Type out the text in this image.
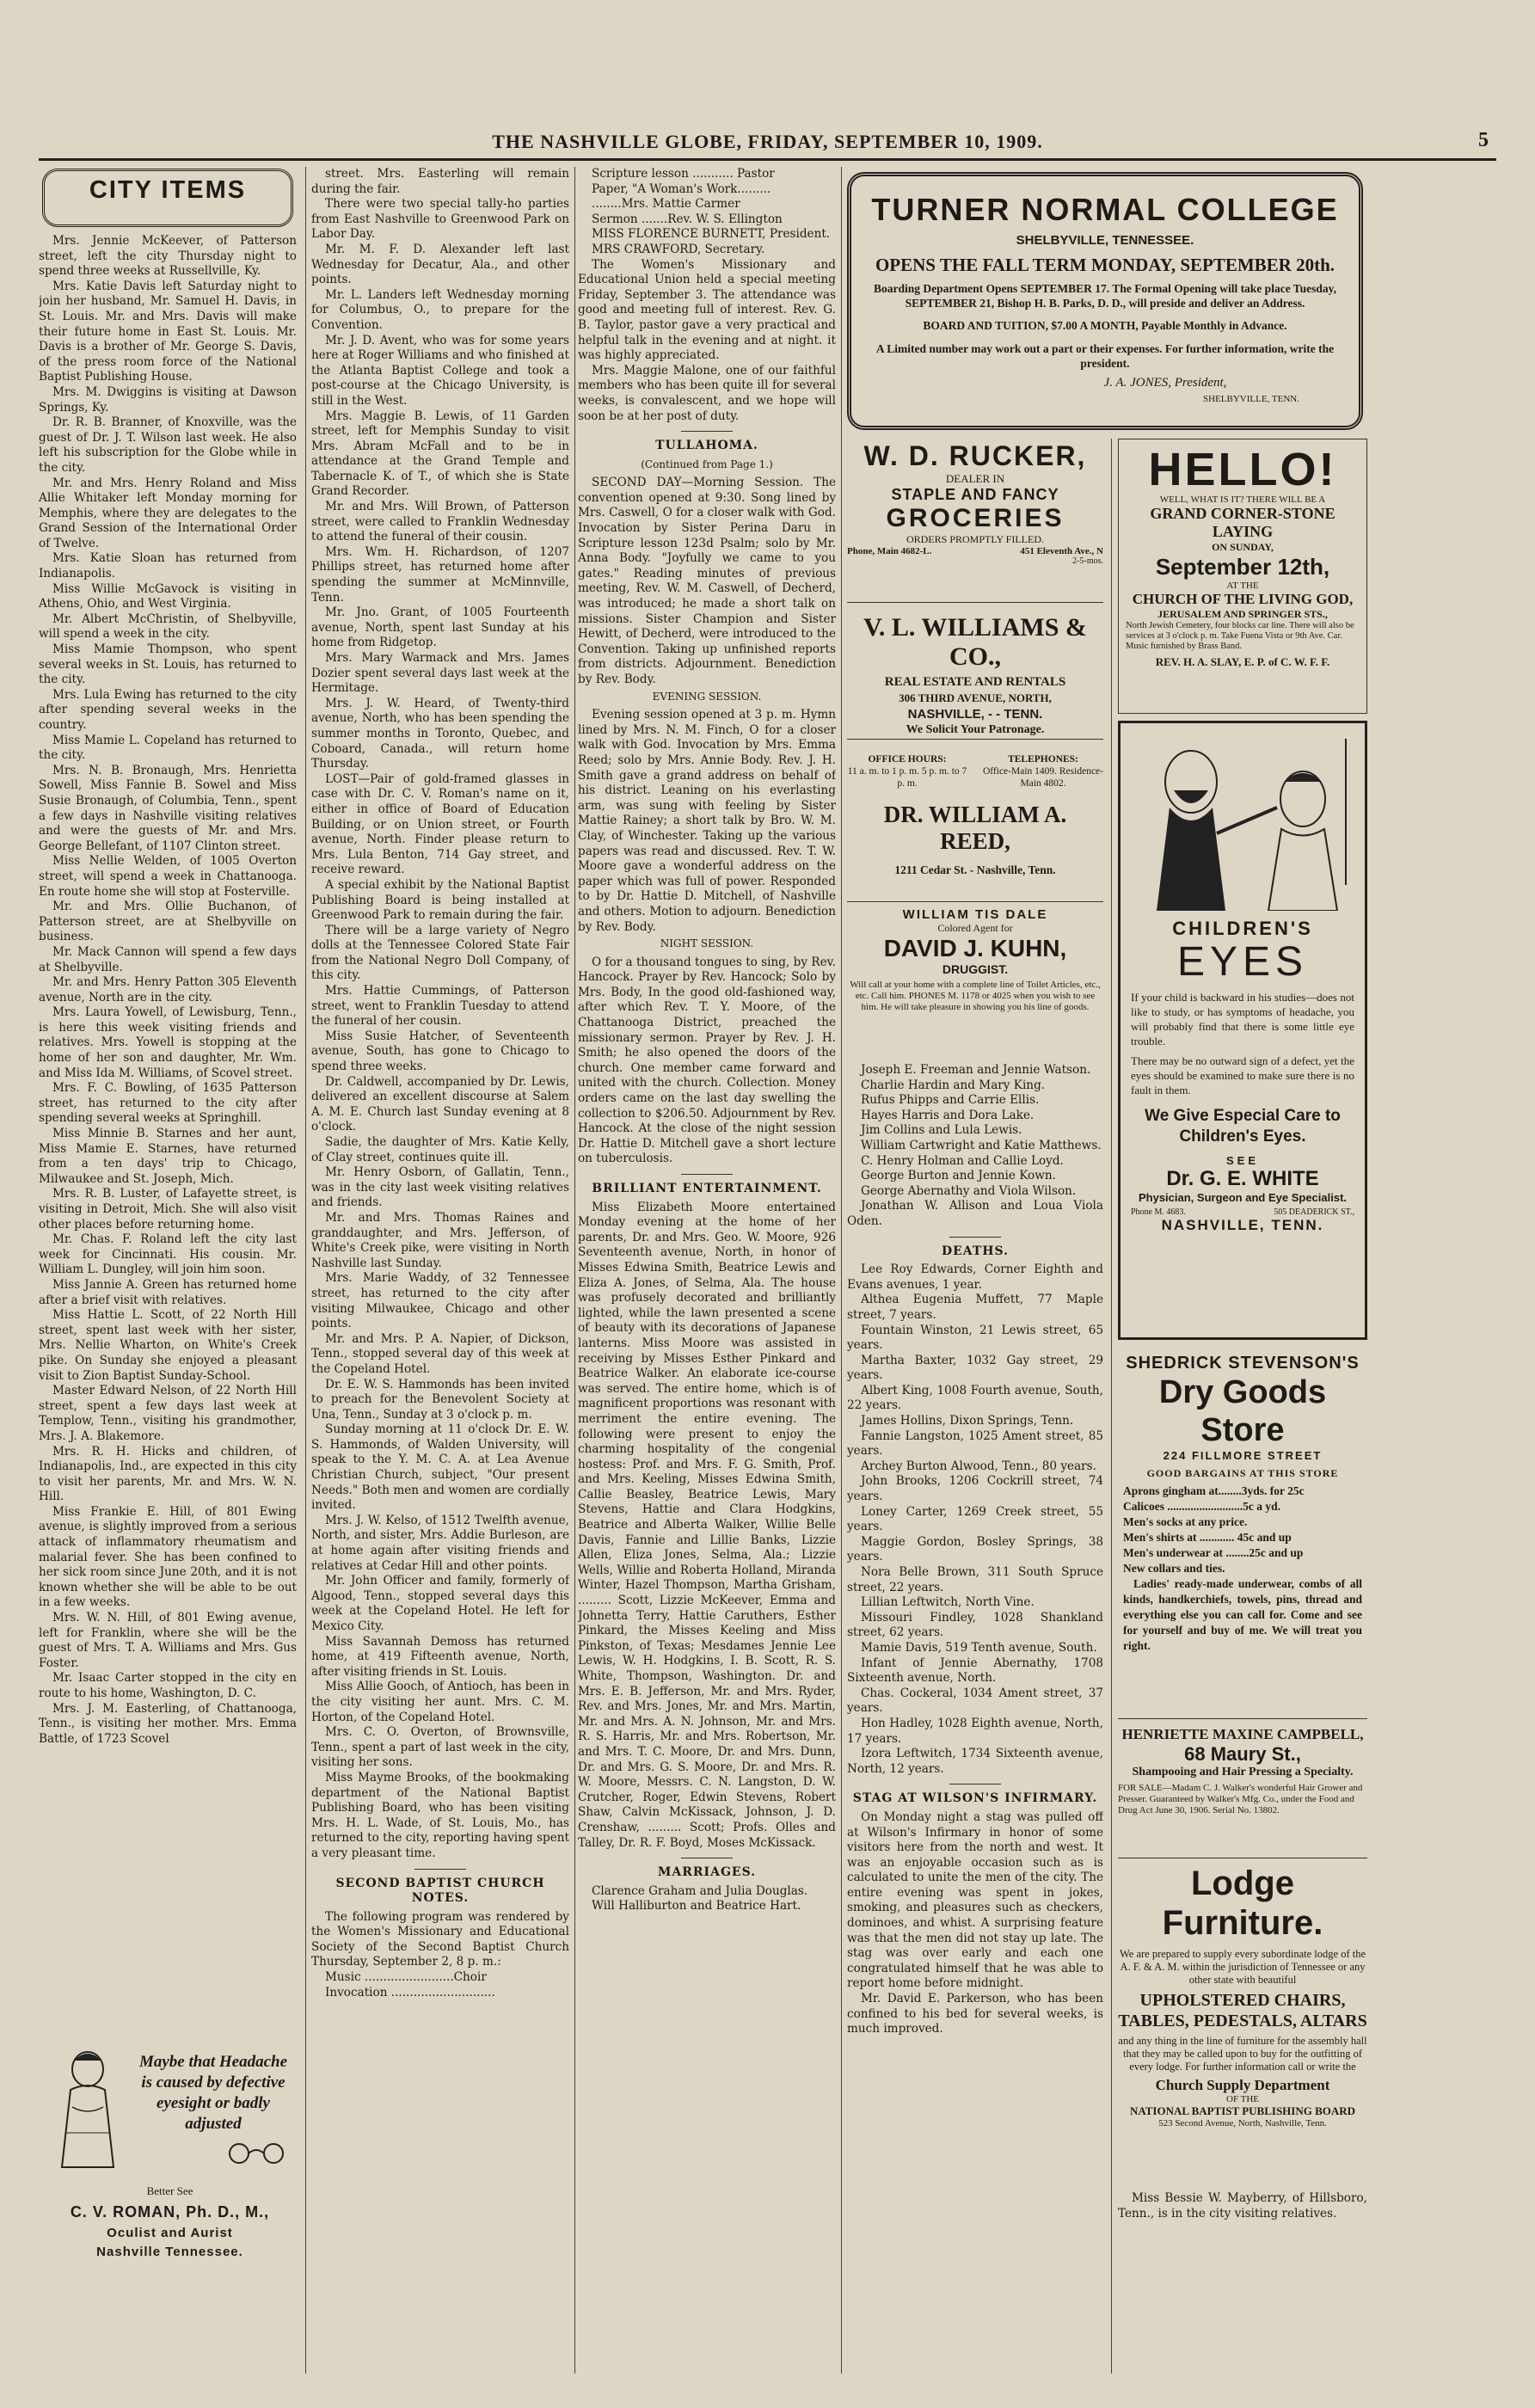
THE NASHVILLE GLOBE, FRIDAY, SEPTEMBER 10, 1909.	5
CITY ITEMS

Mrs. Jennie McKeever, of Patterson street, left the city Thursday night to spend three weeks at Russellville, Ky.

Mrs. Katie Davis left Saturday night to join her husband, Mr. Samuel H. Davis, in St. Louis. Mr. and Mrs. Davis will make their future home in East St. Louis. Mr. Davis is a brother of Mr. George S. Davis, of the press room force of the National Baptist Publishing House.

Mrs. M. Dwiggins is visiting at Dawson Springs, Ky.

Dr. R. B. Branner, of Knoxville, was the guest of Dr. J. T. Wilson last week. He also left his subscription for the Globe while in the city.

Mr. and Mrs. Henry Roland and Miss Allie Whitaker left Monday morning for Memphis, where they are delegates to the Grand Session of the International Order of Twelve.

Mrs. Katie Sloan has returned from Indianapolis.

Miss Willie McGavock is visiting in Athens, Ohio, and West Virginia.

Mr. Albert McChristin, of Shelbyville, will spend a week in the city.

Miss Mamie Thompson, who spent several weeks in St. Louis, has returned to the city.

Mrs. Lula Ewing has returned to the city after spending several weeks in the country.

Miss Mamie L. Copeland has returned to the city.

Mrs. N. B. Bronaugh, Mrs. Henrietta Sowell, Miss Fannie B. Sowel and Miss Susie Bronaugh, of Columbia, Tenn., spent a few days in Nashville visiting relatives and were the guests of Mr. and Mrs. George Bellefant, of 1107 Clinton street.

Miss Nellie Welden, of 1005 Overton street, will spend a week in Chattanooga. En route home she will stop at Fosterville.

Mr. and Mrs. Ollie Buchanon, of Patterson street, are at Shelbyville on business.

Mr. Mack Cannon will spend a few days at Shelbyville.

Mr. and Mrs. Henry Patton 305 Eleventh avenue, North are in the city.

Mrs. Laura Yowell, of Lewisburg, Tenn., is here this week visiting friends and relatives. Mrs. Yowell is stopping at the home of her son and daughter, Mr. Wm. and Miss Ida M. Williams, of Scovel street.

Mrs. F. C. Bowling, of 1635 Patterson street, has returned to the city after spending several weeks at Springhill.

Miss Minnie B. Starnes and her aunt, Miss Mamie E. Starnes, have returned from a ten days' trip to Chicago, Milwaukee and St. Joseph, Mich.

Mrs. R. B. Luster, of Lafayette street, is visiting in Detroit, Mich. She will also visit other places before returning home.

Mr. Chas. F. Roland left the city last week for Cincinnati. His cousin. Mr. William L. Dungley, will join him soon.

Miss Jannie A. Green has returned home after a brief visit with relatives.

Miss Hattie L. Scott, of 22 North Hill street, spent last week with her sister, Mrs. Nellie Wharton, on White's Creek pike. On Sunday she enjoyed a pleasant visit to Zion Baptist Sunday-School.

Master Edward Nelson, of 22 North Hill street, spent a few days last week at Templow, Tenn., visiting his grandmother, Mrs. J. A. Blakemore.

Mrs. R. H. Hicks and children, of Indianapolis, Ind., are expected in this city to visit her parents, Mr. and Mrs. W. N. Hill.

Miss Frankie E. Hill, of 801 Ewing avenue, is slightly improved from a serious attack of inflammatory rheumatism and malarial fever. She has been confined to her sick room since June 20th, and it is not known whether she will be able to be out in a few weeks.

Mrs. W. N. Hill, of 801 Ewing avenue, left for Franklin, where she will be the guest of Mrs. T. A. Williams and Mrs. Gus Foster.

Mr. Isaac Carter stopped in the city en route to his home, Washington, D. C.

Mrs. J. M. Easterling, of Chattanooga, Tenn., is visiting her mother. Mrs. Emma Battle, of 1723 Scovel

Maybe that Headache

is caused by defective

eyesight or badly

adjusted

Better See
C. V. ROMAN, Ph. D., M.,
Oculist and Aurist
Nashville Tennessee.

street. Mrs. Easterling will remain during the fair.

There were two special tally-ho parties from East Nashville to Greenwood Park on Labor Day.

Mr. M. F. D. Alexander left last Wednesday for Decatur, Ala., and other points.

Mr. L. Landers left Wednesday morning for Columbus, O., to prepare for the Convention.

Mr. J. D. Avent, who was for some years here at Roger Williams and who finished at the Atlanta Baptist College and took a post-course at the Chicago University, is still in the West.

Mrs. Maggie B. Lewis, of 11 Garden street, left for Memphis Sunday to visit Mrs. Abram McFall and to be in attendance at the Grand Temple and Tabernacle K. of T., of which she is State Grand Recorder.

Mr. and Mrs. Will Brown, of Patterson street, were called to Franklin Wednesday to attend the funeral of their cousin.

Mrs. Wm. H. Richardson, of 1207 Phillips street, has returned home after spending the summer at McMinnville, Tenn.

Mr. Jno. Grant, of 1005 Fourteenth avenue, North, spent last Sunday at his home from Ridgetop.

Mrs. Mary Warmack and Mrs. James Dozier spent several days last week at the Hermitage.

Mrs. J. W. Heard, of Twenty-third avenue, North, who has been spending the summer months in Toronto, Quebec, and Coboard, Canada., will return home Thursday.

LOST—Pair of gold-framed glasses in case with Dr. C. V. Roman's name on it, either in office of Board of Education Building, or on Union street, or Fourth avenue, North. Finder please return to Mrs. Lula Benton, 714 Gay street, and receive reward.

A special exhibit by the National Baptist Publishing Board is being installed at Greenwood Park to remain during the fair.

There will be a large variety of Negro dolls at the Tennessee Colored State Fair from the National Negro Doll Company, of this city.

Mrs. Hattie Cummings, of Patterson street, went to Franklin Tuesday to attend the funeral of her cousin.

Miss Susie Hatcher, of Seventeenth avenue, South, has gone to Chicago to spend three weeks.

Dr. Caldwell, accompanied by Dr. Lewis, delivered an excellent discourse at Salem A. M. E. Church last Sunday evening at 8 o'clock.

Sadie, the daughter of Mrs. Katie Kelly, of Clay street, continues quite ill.

Mr. Henry Osborn, of Gallatin, Tenn., was in the city last week visiting relatives and friends.

Mr. and Mrs. Thomas Raines and granddaughter, and Mrs. Jefferson, of White's Creek pike, were visiting in North Nashville last Sunday.

Mrs. Marie Waddy, of 32 Tennessee street, has returned to the city after visiting Milwaukee, Chicago and other points.

Mr. and Mrs. P. A. Napier, of Dickson, Tenn., stopped several day of this week at the Copeland Hotel.

Dr. E. W. S. Hammonds has been invited to preach for the Benevolent Society at Una, Tenn., Sunday at 3 o'clock p. m.

Sunday morning at 11 o'clock Dr. E. W. S. Hammonds, of Walden University, will speak to the Y. M. C. A. at Lea Avenue Christian Church, subject, "Our present Needs." Both men and women are cordially invited.

Mrs. J. W. Kelso, of 1512 Twelfth avenue, North, and sister, Mrs. Addie Burleson, are at home again after visiting friends and relatives at Cedar Hill and other points.

Mr. John Officer and family, formerly of Algood, Tenn., stopped several days this week at the Copeland Hotel. He left for Mexico City.

Miss Savannah Demoss has returned home, at 419 Fifteenth avenue, North, after visiting friends in St. Louis.

Miss Allie Gooch, of Antioch, has been in the city visiting her aunt. Mrs. C. M. Horton, of the Copeland Hotel.

Mrs. C. O. Overton, of Brownsville, Tenn., spent a part of last week in the city, visiting her sons.

Miss Mayme Brooks, of the bookmaking department of the National Baptist Publishing Board, who has been visiting Mrs. H. L. Wade, of St. Louis, Mo., has returned to the city, reporting having spent a very pleasant time.

SECOND BAPTIST CHURCH NOTES.

The following program was rendered by the Women's Missionary and Educational Society of the Second Baptist Church Thursday, September 2, 8 p. m.:

Music ........................Choir

Invocation ............................

Scripture lesson ........... Pastor

Paper, "A Woman's Work.........

........Mrs. Mattie Carmer

Sermon .......Rev. W. S. Ellington

MISS FLORENCE BURNETT, President.

MRS CRAWFORD, Secretary.

The Women's Missionary and Educational Union held a special meeting Friday, September 3. The attendance was good and meeting full of interest. Rev. G. B. Taylor, pastor gave a very practical and helpful talk in the evening and at night. it was highly appreciated.

Mrs. Maggie Malone, one of our faithful members who has been quite ill for several weeks, is convalescent, and we hope will soon be at her post of duty.

TULLAHOMA.
(Continued from Page 1.)

SECOND DAY—Morning Session. The convention opened at 9:30. Song lined by Mrs. Caswell, O for a closer walk with God. Invocation by Sister Perina Daru in Scripture lesson 123d Psalm; solo by Mr. Anna Body. "Joyfully we came to you gates." Reading minutes of previous meeting, Rev. W. M. Caswell, of Decherd, was introduced; he made a short talk on missions. Sister Champion and Sister Hewitt, of Decherd, were introduced to the Convention. Taking up unfinished reports from districts. Adjournment. Benediction by Rev. Body.

EVENING SESSION.

Evening session opened at 3 p. m. Hymn lined by Mrs. N. M. Finch, O for a closer walk with God. Invocation by Mrs. Emma Reed; solo by Mrs. Annie Body. Rev. J. H. Smith gave a grand address on behalf of his district. Leaning on his everlasting arm, was sung with feeling by Sister Mattie Rainey; a short talk by Bro. W. M. Clay, of Winchester. Taking up the various papers was read and discussed. Rev. T. W. Moore gave a wonderful address on the paper which was full of power. Responded to by Dr. Hattie D. Mitchell, of Nashville and others. Motion to adjourn. Benediction by Rev. Body.

NIGHT SESSION.

O for a thousand tongues to sing, by Rev. Hancock. Prayer by Rev. Hancock; Solo by Mrs. Body, In the good old-fashioned way, after which Rev. T. Y. Moore, of the Chattanooga District, preached the missionary sermon. Prayer by Rev. J. H. Smith; he also opened the doors of the church. One member came forward and united with the church. Collection. Money orders came on the last day swelling the collection to $206.50. Adjournment by Rev. Hancock. At the close of the night session Dr. Hattie D. Mitchell gave a short lecture on tuberculosis.

BRILLIANT ENTERTAINMENT.

Miss Elizabeth Moore entertained Monday evening at the home of her parents, Dr. and Mrs. Geo. W. Moore, 926 Seventeenth avenue, North, in honor of Misses Edwina Smith, Beatrice Lewis and Eliza A. Jones, of Selma, Ala. The house was profusely decorated and brilliantly lighted, while the lawn presented a scene of beauty with its decorations of Japanese lanterns. Miss Moore was assisted in receiving by Misses Esther Pinkard and Beatrice Walker. An elaborate ice-course was served. The entire home, which is of magnificent proportions was resonant with merriment the entire evening. The following were present to enjoy the charming hospitality of the congenial hostess: Prof. and Mrs. F. G. Smith, Prof. and Mrs. Keeling, Misses Edwina Smith, Callie Beasley, Beatrice Lewis, Mary Stevens, Hattie and Clara Hodgkins, Beatrice and Alberta Walker, Willie Belle Davis, Fannie and Lillie Banks, Lizzie Allen, Eliza Jones, Selma, Ala.; Lizzie Wells, Willie and Roberta Holland, Miranda Winter, Hazel Thompson, Martha Grisham, ......... Scott, Lizzie McKeever, Emma and Johnetta Terry, Hattie Caruthers, Esther Pinkard, the Misses Keeling and Miss Pinkston, of Texas; Mesdames Jennie Lee Lewis, W. H. Hodgkins, I. B. Scott, R. S. White, Thompson, Washington. Dr. and Mrs. E. B. Jefferson, Mr. and Mrs. Ryder, Rev. and Mrs. Jones, Mr. and Mrs. Martin, Mr. and Mrs. A. N. Johnson, Mr. and Mrs. R. S. Harris, Mr. and Mrs. Robertson, Mr. and Mrs. T. C. Moore, Dr. and Mrs. Dunn, Dr. and Mrs. G. S. Moore, Dr. and Mrs. R. W. Moore, Messrs. C. N. Langston, D. W. Crutcher, Roger, Edwin Stevens, Robert Shaw, Calvin McKissack, Johnson, J. D. Crenshaw, ......... Scott; Profs. Olles and Talley, Dr. R. F. Boyd, Moses McKissack.

MARRIAGES.

Clarence Graham and Julia Douglas.

Will Halliburton and Beatrice Hart.

TURNER NORMAL COLLEGE

SHELBYVILLE, TENNESSEE.

OPENS THE FALL TERM MONDAY, SEPTEMBER 20th.

Boarding Department Opens SEPTEMBER 17. The Formal Opening will take place Tuesday, SEPTEMBER 21, Bishop H. B. Parks, D. D., will preside and deliver an Address.

BOARD AND TUITION, $7.00 A MONTH, Payable Monthly in Advance.

A Limited number may work out a part or their expenses. For further information, write the president.

J. A. JONES, President,

SHELBYVILLE, TENN.

W. D. RUCKER,

DEALER IN

STAPLE AND FANCY

GROCERIES

ORDERS PROMPTLY FILLED.

Phone, Main 4682-L.	451 Eleventh Ave., N

2-5-mos.

V. L. WILLIAMS & CO.,

REAL ESTATE AND RENTALS

306 THIRD AVENUE, NORTH,

NASHVILLE, - - TENN.

We Solicit Your Patronage.

OFFICE HOURS:

11 a. m. to 1 p. m. 5 p. m. to 7 p. m.

TELEPHONES:

Office-Main 1409. Residence-Main 4802.

DR. WILLIAM A. REED,

1211 Cedar St. - Nashville, Tenn.

WILLIAM TIS DALE

Colored Agent for

DAVID J. KUHN,

DRUGGIST.

Will call at your home with a complete line of Toilet Articles, etc., etc. Call him. PHONES M. 1178 or 4025 when you wish to see him. He will take pleasure in showing you his line of goods.

Joseph E. Freeman and Jennie Watson.

Charlie Hardin and Mary King.

Rufus Phipps and Carrie Ellis.

Hayes Harris and Dora Lake.

Jim Collins and Lula Lewis.

William Cartwright and Katie Matthews.

C. Henry Holman and Callie Loyd.

George Burton and Jennie Kown.

George Abernathy and Viola Wilson.

Jonathan W. Allison and Loua Viola Oden.

DEATHS.

Lee Roy Edwards, Corner Eighth and Evans avenues, 1 year.

Althea Eugenia Muffett, 77 Maple street, 7 years.

Fountain Winston, 21 Lewis street, 65 years.

Martha Baxter, 1032 Gay street, 29 years.

Albert King, 1008 Fourth avenue, South, 22 years.

James Hollins, Dixon Springs, Tenn.

Fannie Langston, 1025 Ament street, 85 years.

Archey Burton Alwood, Tenn., 80 years.

John Brooks, 1206 Cockrill street, 74 years.

Loney Carter, 1269 Creek street, 55 years.

Maggie Gordon, Bosley Springs, 38 years.

Nora Belle Brown, 311 South Spruce street, 22 years.

Lillian Leftwitch, North Vine.

Missouri Findley, 1028 Shankland street, 62 years.

Mamie Davis, 519 Tenth avenue, South.

Infant of Jennie Abernathy, 1708 Sixteenth avenue, North.

Chas. Cockeral, 1034 Ament street, 37 years.

Hon Hadley, 1028 Eighth avenue, North, 17 years.

Izora Leftwitch, 1734 Sixteenth avenue, North, 12 years.

STAG AT WILSON'S INFIRMARY.

On Monday night a stag was pulled off at Wilson's Infirmary in honor of some visitors here from the north and west. It was an enjoyable occasion such as is calculated to unite the men of the city. The entire evening was spent in jokes, smoking, and pleasures such as checkers, dominoes, and whist. A surprising feature was that the men did not stay up late. The stag was over early and each one congratulated himself that he was able to report home before midnight.

Mr. David E. Parkerson, who has been confined to his bed for several weeks, is much improved.

HELLO!

WELL, WHAT IS IT? THERE WILL BE A

GRAND CORNER-STONE LAYING

ON SUNDAY,

September 12th,

AT THE

CHURCH OF THE LIVING GOD,

JERUSALEM AND SPRINGER STS.,

North Jewish Cemetery, four blocks car line. There will also be services at 3 o'clock p. m. Take Fuena Vista or 9th Ave. Car. Music furnished by Brass Band.

REV. H. A. SLAY, E. P. of C. W. F. F.

CHILDREN'S

EYES

If your child is backward in his studies—does not like to study, or has symptoms of headache, you will probably find that there is some little eye trouble.

There may be no outward sign of a defect, yet the eyes should be examined to make sure there is no fault in them.

We Give Especial Care to Children's Eyes.

SEE

Dr. G. E. WHITE

Physician, Surgeon and Eye Specialist.

Phone M. 4683.	505 DEADERICK ST.,

NASHVILLE, TENN.

SHEDRICK STEVENSON'S

Dry Goods Store

224 FILLMORE STREET

GOOD BARGAINS AT THIS STORE

Aprons gingham at........3yds. for 25c

Calicoes ..........................5c a yd.

Men's socks at any price.

Men's shirts at ............ 45c and up

Men's underwear at ........25c and up

New collars and ties.

Ladies' ready-made underwear, combs of all kinds, handkerchiefs, towels, pins, thread and everything else you can call for. Come and see for yourself and buy of me. We will treat you right.

HENRIETTE MAXINE CAMPBELL,

68 Maury St.,

Shampooing and Hair Pressing a Specialty.

FOR SALE—Madam C. J. Walker's wonderful Hair Grower and Presser. Guaranteed by Walker's Mfg. Co., under the Food and Drug Act June 30, 1906. Serial No. 13802.

Lodge Furniture.

We are prepared to supply every subordinate lodge of the A. F. & A. M. within the jurisdiction of Tennessee or any other state with beautiful

UPHOLSTERED CHAIRS, TABLES, PEDESTALS, ALTARS

and any thing in the line of furniture for the assembly hall that they may be called upon to buy for the outfitting of every lodge. For further information call or write the

Church Supply Department

OF THE

NATIONAL BAPTIST PUBLISHING BOARD

523 Second Avenue, North, Nashville, Tenn.

Miss Bessie W. Mayberry, of Hillsboro, Tenn., is in the city visiting relatives.
